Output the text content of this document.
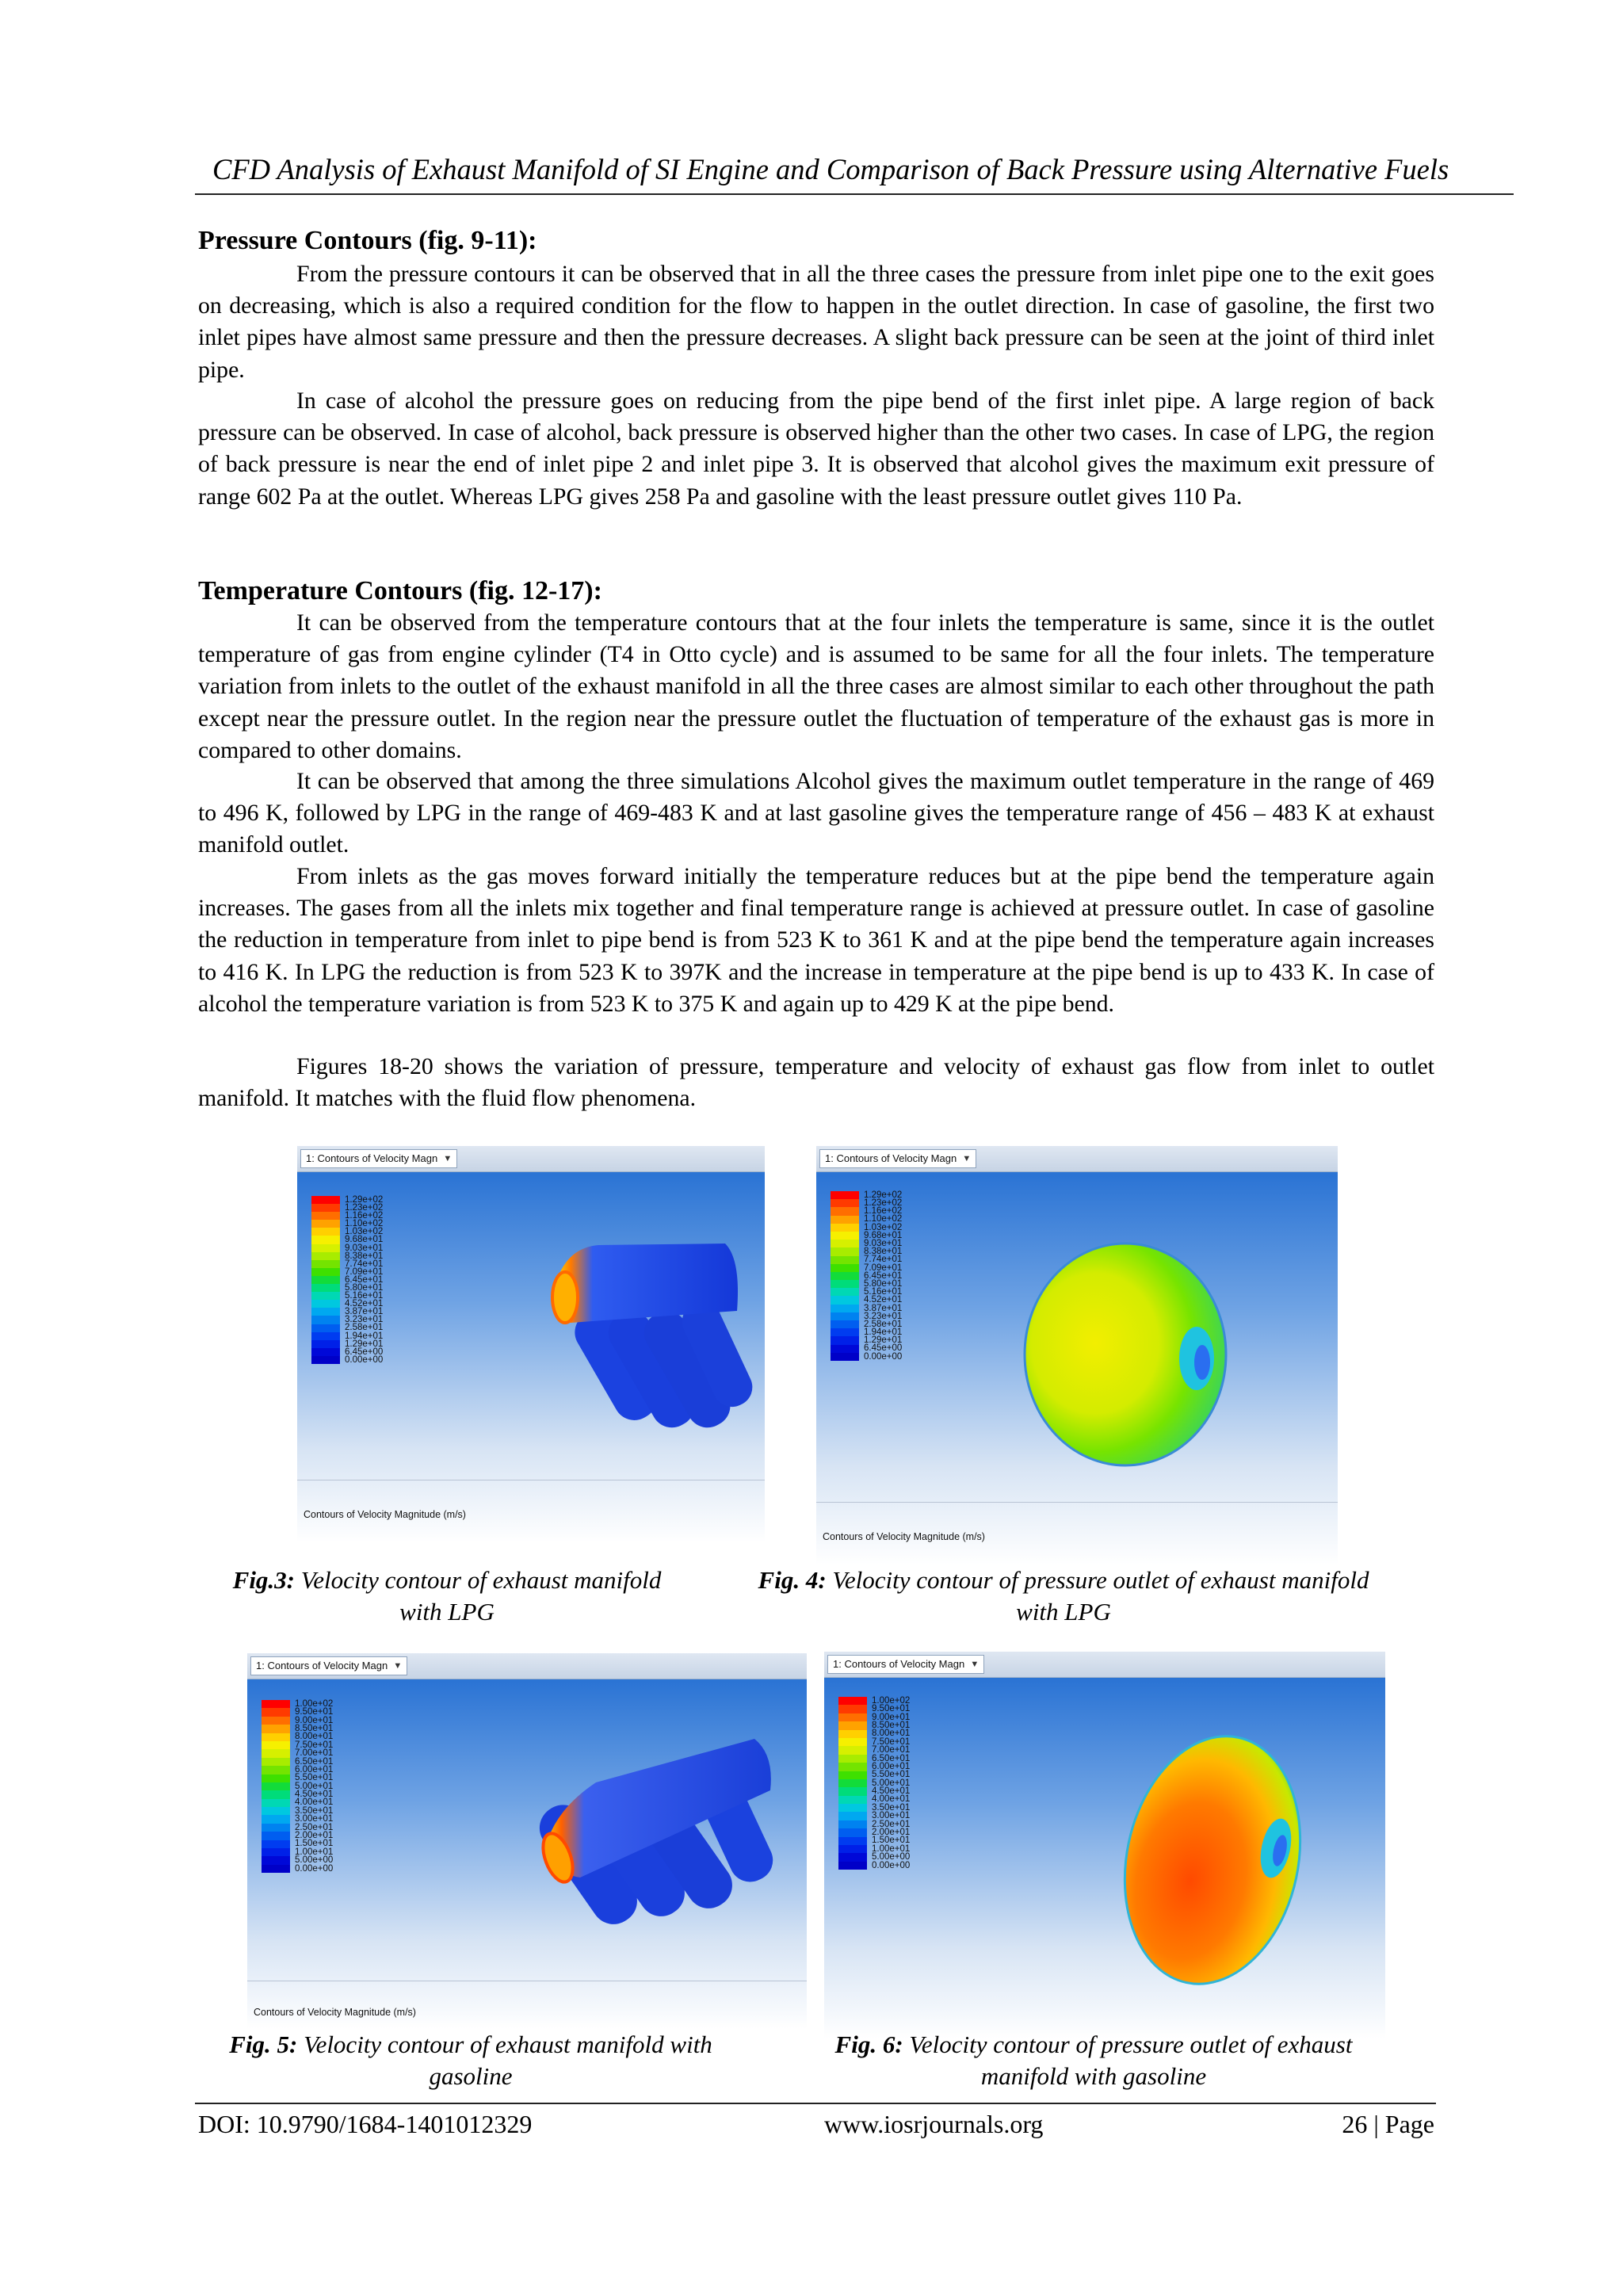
CFD Analysis of Exhaust Manifold of SI Engine and Comparison of Back Pressure using Alternative Fuels
Pressure Contours (fig. 9-11):

From the pressure contours it can be observed that in all the three cases the pressure from inlet pipe one to the exit goes on decreasing, which is also a required condition for the flow to happen in the outlet direction. In case of gasoline, the first two inlet pipes have almost same pressure and then the pressure decreases. A slight back pressure can be seen at the joint of third inlet pipe.

In case of alcohol the pressure goes on reducing from the pipe bend of the first inlet pipe. A large region of back pressure can be observed. In case of alcohol, back pressure is observed higher than the other two cases. In case of LPG, the region of back pressure is near the end of inlet pipe 2 and inlet pipe 3. It is observed that alcohol gives the maximum exit pressure of range 602 Pa at the outlet. Whereas LPG gives 258 Pa and gasoline with the least pressure outlet gives 110 Pa.

Temperature Contours (fig. 12-17):

It can be observed from the temperature contours that at the four inlets the temperature is same, since it is the outlet temperature of gas from engine cylinder (T4 in Otto cycle) and is assumed to be same for all the four inlets. The temperature variation from inlets to the outlet of the exhaust manifold in all the three cases are almost similar to each other throughout the path except near the pressure outlet. In the region near the pressure outlet the fluctuation of temperature of the exhaust gas is more in compared to other domains.

It can be observed that among the three simulations Alcohol gives the maximum outlet temperature in the range of 469 to 496 K, followed by LPG in the range of 469-483 K and at last gasoline gives the temperature range of 456 – 483 K at exhaust manifold outlet.

From inlets as the gas moves forward initially the temperature reduces but at the pipe bend the temperature again increases. The gases from all the inlets mix together and final temperature range is achieved at pressure outlet. In case of gasoline the reduction in temperature from inlet to pipe bend is from 523 K to 361 K and at the pipe bend the temperature again increases to 416 K. In LPG the reduction is from 523 K to 397K and the increase in temperature at the pipe bend is up to 433 K. In case of alcohol the temperature variation is from 523 K to 375 K and again up to 429 K at the pipe bend.

Figures 18-20 shows the variation of pressure, temperature and velocity of exhaust gas flow from inlet to outlet manifold. It matches with the fluid flow phenomena.

1: Contours of Velocity Magn ▼
1.29e+02
1.23e+02
1.16e+02
1.10e+02
1.03e+02
9.68e+01
9.03e+01
8.38e+01
7.74e+01
7.09e+01
6.45e+01
5.80e+01
5.16e+01
4.52e+01
3.87e+01
3.23e+01
2.58e+01
1.94e+01
1.29e+01
6.45e+00
0.00e+00
Contours of Velocity Magnitude (m/s)
1: Contours of Velocity Magn ▼
1.29e+02
1.23e+02
1.16e+02
1.10e+02
1.03e+02
9.68e+01
9.03e+01
8.38e+01
7.74e+01
7.09e+01
6.45e+01
5.80e+01
5.16e+01
4.52e+01
3.87e+01
3.23e+01
2.58e+01
1.94e+01
1.29e+01
6.45e+00
0.00e+00
Contours of Velocity Magnitude (m/s)
Fig.3: Velocity contour of exhaust manifold
with LPG
Fig. 4: Velocity contour of pressure outlet of exhaust manifold
with LPG
1: Contours of Velocity Magn ▼
1.00e+02
9.50e+01
9.00e+01
8.50e+01
8.00e+01
7.50e+01
7.00e+01
6.50e+01
6.00e+01
5.50e+01
5.00e+01
4.50e+01
4.00e+01
3.50e+01
3.00e+01
2.50e+01
2.00e+01
1.50e+01
1.00e+01
5.00e+00
0.00e+00
Contours of Velocity Magnitude (m/s)
1: Contours of Velocity Magn ▼
1.00e+02
9.50e+01
9.00e+01
8.50e+01
8.00e+01
7.50e+01
7.00e+01
6.50e+01
6.00e+01
5.50e+01
5.00e+01
4.50e+01
4.00e+01
3.50e+01
3.00e+01
2.50e+01
2.00e+01
1.50e+01
1.00e+01
5.00e+00
0.00e+00
Fig. 5: Velocity contour of exhaust manifold with
gasoline
Fig. 6: Velocity contour of pressure outlet of exhaust
manifold with gasoline
DOI: 10.9790/1684-1401012329	www.iosrjournals.org	26 | Page
